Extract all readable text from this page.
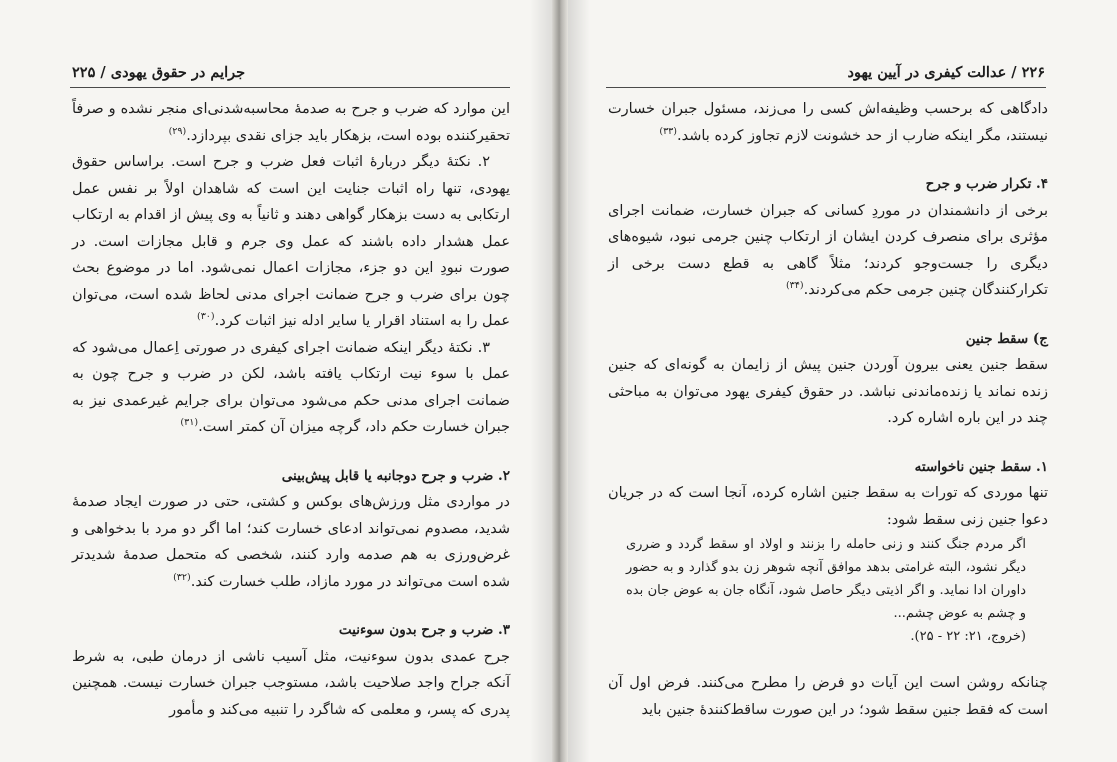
جرایم در حقوق یهودی / ۲۲۵

این موارد که ضرب و جرح به صدمهٔ محاسبه‌شدنی‌ای منجر نشده و صرفاً تحقیرکننده بوده است، بزهکار باید جزای نقدی بپردازد.$^{(۲۹)}$

۲. نکتهٔ دیگر دربارهٔ اثبات فعل ضرب و جرح است. براساس حقوق یهودی، تنها راه اثبات جنایت این است که شاهدان اولاً بر نفس عمل ارتکابی به دست بزهکار گواهی دهند و ثانیاً به وی پیش از اقدام به ارتکاب عمل هشدار داده باشند که عمل وی جرم و قابل مجازات است. در صورت نبودِ این دو جزء، مجازات اعمال نمی‌شود. اما در موضوع بحث چون برای ضرب و جرح ضمانت اجرای مدنی لحاظ شده است، می‌توان عمل را به استناد اقرار یا سایر ادله نیز اثبات کرد.$^{(۳۰)}$

۳. نکتهٔ دیگر اینکه ضمانت اجرای کیفری در صورتی اِعمال می‌شود که عمل با سوء نیت ارتکاب یافته باشد، لکن در ضرب و جرح چون به ضمانت اجرای مدنی حکم می‌شود می‌توان برای جرایم غیرعمدی نیز به جبران خسارت حکم داد، گرچه میزان آن کمتر است.$^{(۳۱)}$

۲. ضرب و جرح دوجانبه یا قابل پیش‌بینی

در مواردی مثل ورزش‌های بوکس و کشتی، حتی در صورت ایجاد صدمهٔ شدید، مصدوم نمی‌تواند ادعای خسارت کند؛ اما اگر دو مرد با بدخواهی و غرض‌ورزی به هم صدمه وارد کنند، شخصی که متحمل صدمهٔ شدیدتر شده است می‌تواند در مورد مازاد، طلب خسارت کند.$^{(۳۲)}$

۳. ضرب و جرح بدون سوء‌نیت

جرح عمدی بدون سوء‌نیت، مثل آسیب ناشی از درمان طبی، به شرط آنکه جراح واجد صلاحیت باشد، مستوجب جبران خسارت نیست. همچنین پدری که پسر، و معلمی که شاگرد را تنبیه می‌کند و مأمور

۲۲۶ / عدالت کیفری در آیین یهود

دادگاهی که برحسب وظیفه‌اش کسی را می‌زند، مسئول جبران خسارت نیستند، مگر اینکه ضارب از حد خشونت لازم تجاوز کرده باشد.$^{(۳۳)}$

۴. تکرار ضرب و جرح

برخی از دانشمندان در موردِ کسانی که جبران خسارت، ضمانت اجرای مؤثری برای منصرف کردن ایشان از ارتکاب چنین جرمی نبود، شیوه‌های دیگری را جست‌وجو کردند؛ مثلاً گاهی به قطع دست برخی از تکرارکنندگان چنین جرمی حکم می‌کردند.$^{(۳۴)}$

ج) سقط جنین

سقط جنین یعنی بیرون آوردن جنین پیش از زایمان به گونه‌ای که جنین زنده نماند یا زنده‌ماندنی نباشد. در حقوق کیفری یهود می‌توان به مباحثی چند در این باره اشاره کرد.

۱. سقط جنین ناخواسته

تنها موردی که تورات به سقط جنین اشاره کرده، آنجا است که در جریان دعوا جنین زنی سقط شود:

اگر مردم جنگ کنند و زنی حامله را بزنند و اولاد او سقط گردد و ضرری دیگر نشود، البته غرامتی بدهد موافق آنچه شوهر زن بدو گذارد و به حضور داوران ادا نماید. و اگر اذیتی دیگر حاصل شود، آنگاه جان به عوض جان بده و چشم به عوض چشم...
(خروج، ۲۱: ۲۲ - ۲۵).

چنانکه روشن است این آیات دو فرض را مطرح می‌کنند. فرض اول آن است که فقط جنین سقط شود؛ در این صورت ساقط‌کنندهٔ جنین باید
